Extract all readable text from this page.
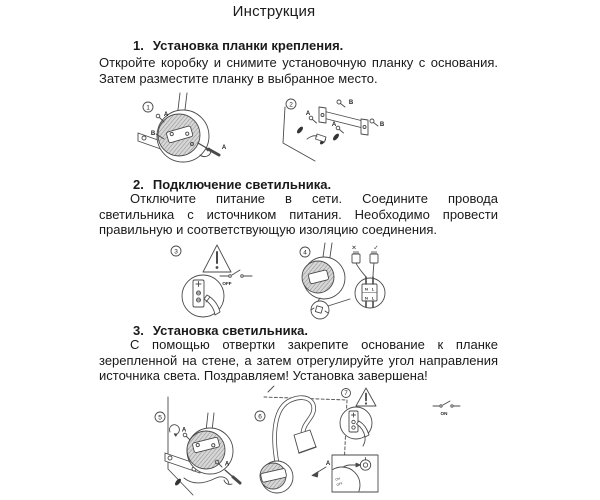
Инструкция
1. Установка планки крепления.
Откройте коробку и снимите установочную планку с основания.
Затем разместите планку в выбранное место.
1	2
A
B
A
A
B
A	B
2. Подключение светильника.
Отключите питание в сети. Соедините провода
светильника с источником питания. Необходимо провести
правильную и соответствующую изоляцию соединения.
3	4
OFF
✕	✓
N L
N L
3. Установка светильника.
С помощью отвертки закрепите основание к планке
зерепленной на стене, а затем отрегулируйте угол направления
источника света. Поздравляем! Установка завершена!
5	6
7
A
A	A
ON
ON
OFF
